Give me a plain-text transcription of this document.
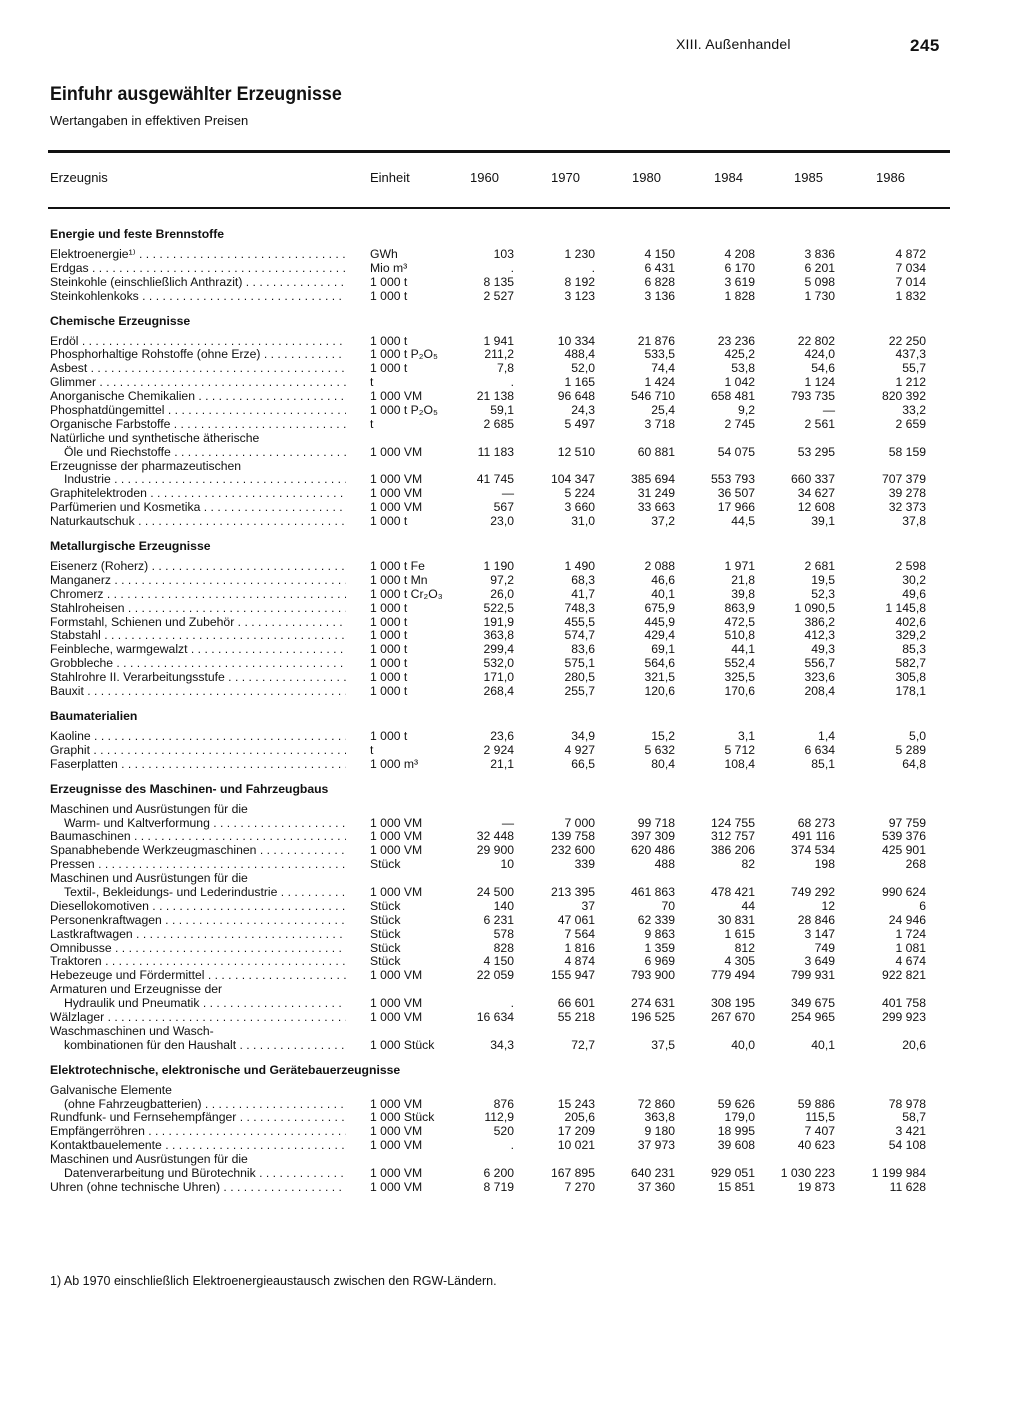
XIII. Außenhandel	245
Einfuhr ausgewählter Erzeugnisse
Wertangaben in effektiven Preisen
Erzeugnis	Einheit	1960	1970	1980	1984	1985	1986
Energie und feste Brennstoffe
Elektroenergie¹⁾ . . .	GWh	103	1 230	4 150	4 208	3 836	4 872
Erdgas . . .	Mio m³	.	.	6 431	6 170	6 201	7 034
Steinkohle (einschließlich Anthrazit) . . .	1 000 t	8 135	8 192	6 828	3 619	5 098	7 014
Steinkohlenkoks . . .	1 000 t	2 527	3 123	3 136	1 828	1 730	1 832
Chemische Erzeugnisse
Erdöl . . .	1 000 t	1 941	10 334	21 876	23 236	22 802	22 250
Phosphorhaltige Rohstoffe (ohne Erze) . . .	1 000 t P₂O₅	211,2	488,4	533,5	425,2	424,0	437,3
Asbest . . .	1 000 t	7,8	52,0	74,4	53,8	54,6	55,7
Glimmer . . .	t	.	1 165	1 424	1 042	1 124	1 212
Anorganische Chemikalien . . .	1 000 VM	21 138	96 648	546 710	658 481	793 735	820 392
Phosphatdüngemittel . . .	1 000 t P₂O₅	59,1	24,3	25,4	9,2	—	33,2
Organische Farbstoffe . . .	t	2 685	5 497	3 718	2 745	2 561	2 659
Natürliche und synthetische ätherische
Öle und Riechstoffe . . .	1 000 VM	11 183	12 510	60 881	54 075	53 295	58 159
Erzeugnisse der pharmazeutischen
Industrie . . .	1 000 VM	41 745	104 347	385 694	553 793	660 337	707 379
Graphitelektroden . . .	1 000 VM	—	5 224	31 249	36 507	34 627	39 278
Parfümerien und Kosmetika . . .	1 000 VM	567	3 660	33 663	17 966	12 608	32 373
Naturkautschuk . . .	1 000 t	23,0	31,0	37,2	44,5	39,1	37,8
Metallurgische Erzeugnisse
Eisenerz (Roherz) . . .	1 000 t Fe	1 190	1 490	2 088	1 971	2 681	2 598
Manganerz . . .	1 000 t Mn	97,2	68,3	46,6	21,8	19,5	30,2
Chromerz . . .	1 000 t Cr₂O₃	26,0	41,7	40,1	39,8	52,3	49,6
Stahlroheisen . . .	1 000 t	522,5	748,3	675,9	863,9	1 090,5	1 145,8
Formstahl, Schienen und Zubehör . . .	1 000 t	191,9	455,5	445,9	472,5	386,2	402,6
Stabstahl . . .	1 000 t	363,8	574,7	429,4	510,8	412,3	329,2
Feinbleche, warmgewalzt . . .	1 000 t	299,4	83,6	69,1	44,1	49,3	85,3
Grobbleche . . .	1 000 t	532,0	575,1	564,6	552,4	556,7	582,7
Stahlrohre II. Verarbeitungsstufe . . .	1 000 t	171,0	280,5	321,5	325,5	323,6	305,8
Bauxit . . .	1 000 t	268,4	255,7	120,6	170,6	208,4	178,1
Baumaterialien
Kaoline . . .	1 000 t	23,6	34,9	15,2	3,1	1,4	5,0
Graphit . . .	t	2 924	4 927	5 632	5 712	6 634	5 289
Faserplatten . . .	1 000 m³	21,1	66,5	80,4	108,4	85,1	64,8
Erzeugnisse des Maschinen- und Fahrzeugbaus
Maschinen und Ausrüstungen für die
Warm- und Kaltverformung . . .	1 000 VM	—	7 000	99 718	124 755	68 273	97 759
Baumaschinen . . .	1 000 VM	32 448	139 758	397 309	312 757	491 116	539 376
Spanabhebende Werkzeugmaschinen . . .	1 000 VM	29 900	232 600	620 486	386 206	374 534	425 901
Pressen . . .	Stück	10	339	488	82	198	268
Maschinen und Ausrüstungen für die
Textil-, Bekleidungs- und Lederindustrie . . .	1 000 VM	24 500	213 395	461 863	478 421	749 292	990 624
Diesellokomotiven . . .	Stück	140	37	70	44	12	6
Personenkraftwagen . . .	Stück	6 231	47 061	62 339	30 831	28 846	24 946
Lastkraftwagen . . .	Stück	578	7 564	9 863	1 615	3 147	1 724
Omnibusse . . .	Stück	828	1 816	1 359	812	749	1 081
Traktoren . . .	Stück	4 150	4 874	6 969	4 305	3 649	4 674
Hebezeuge und Fördermittel . . .	1 000 VM	22 059	155 947	793 900	779 494	799 931	922 821
Armaturen und Erzeugnisse der
Hydraulik und Pneumatik . . .	1 000 VM	.	66 601	274 631	308 195	349 675	401 758
Wälzlager . . .	1 000 VM	16 634	55 218	196 525	267 670	254 965	299 923
Waschmaschinen und Wasch-
kombinationen für den Haushalt . . .	1 000 Stück	34,3	72,7	37,5	40,0	40,1	20,6
Elektrotechnische, elektronische und Gerätebauerzeugnisse
Galvanische Elemente
(ohne Fahrzeugbatterien) . . .	1 000 VM	876	15 243	72 860	59 626	59 886	78 978
Rundfunk- und Fernsehempfänger . . .	1 000 Stück	112,9	205,6	363,8	179,0	115,5	58,7
Empfängerröhren . . .	1 000 VM	520	17 209	9 180	18 995	7 407	3 421
Kontaktbauelemente . . .	1 000 VM	.	10 021	37 973	39 608	40 623	54 108
Maschinen und Ausrüstungen für die
Datenverarbeitung und Bürotechnik . . .	1 000 VM	6 200	167 895	640 231	929 051	1 030 223	1 199 984
Uhren (ohne technische Uhren) . . .	1 000 VM	8 719	7 270	37 360	15 851	19 873	11 628
1) Ab 1970 einschließlich Elektroenergieaustausch zwischen den RGW-Ländern.
